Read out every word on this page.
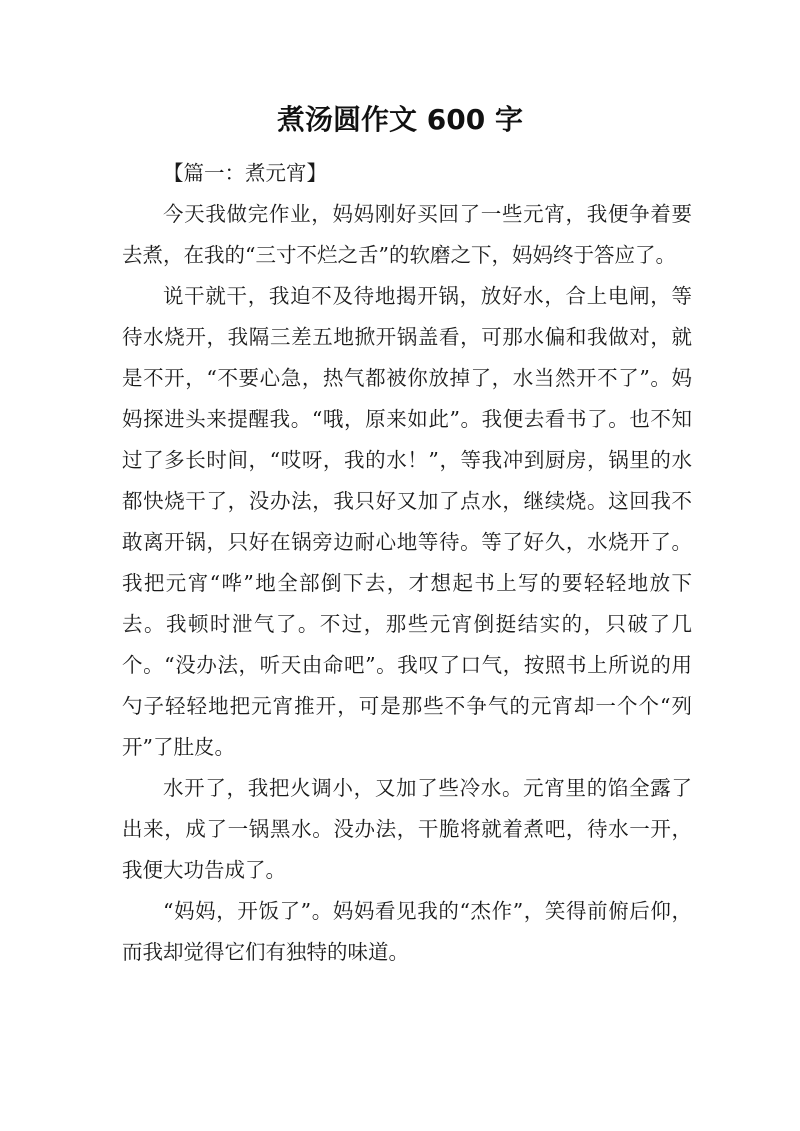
煮汤圆作文 600 字

【篇一：煮元宵】

今天我做完作业，妈妈刚好买回了一些元宵，我便争着要去煮，在我的“三寸不烂之舌”的软磨之下，妈妈终于答应了。

说干就干，我迫不及待地揭开锅，放好水，合上电闸，等待水烧开，我隔三差五地掀开锅盖看，可那水偏和我做对，就是不开，“不要心急，热气都被你放掉了，水当然开不了”。妈妈探进头来提醒我。“哦，原来如此”。我便去看书了。也不知过了多长时间，“哎呀，我的水！”，等我冲到厨房，锅里的水都快烧干了，没办法，我只好又加了点水，继续烧。这回我不敢离开锅，只好在锅旁边耐心地等待。等了好久，水烧开了。我把元宵“哗”地全部倒下去，才想起书上写的要轻轻地放下去。我顿时泄气了。不过，那些元宵倒挺结实的，只破了几个。“没办法，听天由命吧”。我叹了口气，按照书上所说的用勺子轻轻地把元宵推开，可是那些不争气的元宵却一个个“列开”了肚皮。

水开了，我把火调小，又加了些冷水。元宵里的馅全露了出来，成了一锅黑水。没办法，干脆将就着煮吧，待水一开，我便大功告成了。

“妈妈，开饭了”。妈妈看见我的“杰作”，笑得前俯后仰，而我却觉得它们有独特的味道。
